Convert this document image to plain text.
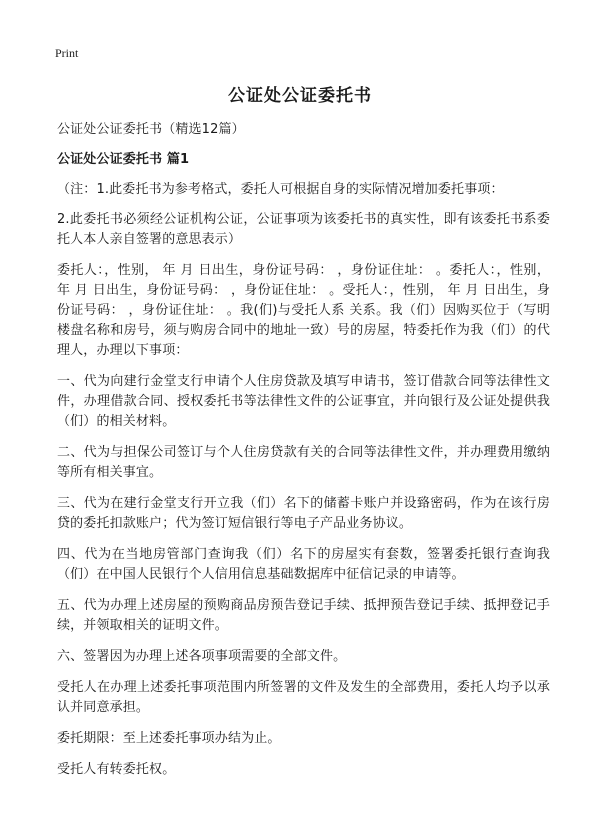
Print
公证处公证委托书

公证处公证委托书（精选12篇）

公证处公证委托书 篇1

（注：1.此委托书为参考格式，委托人可根据自身的实际情况增加委托事项：

2.此委托书必须经公证机构公证，公证事项为该委托书的真实性，即有该委托书系委托人本人亲自签署的意思表示）

委托人：，性别， 年 月 日出生，身份证号码： ，身份证住址： 。委托人：，性别， 年 月 日出生，身份证号码： ，身份证住址： 。受托人：，性别， 年 月 日出生，身份证号码： ，身份证住址： 。我(们)与受托人系 关系。我（们）因购买位于（写明楼盘名称和房号，须与购房合同中的地址一致）号的房屋，特委托作为我（们）的代理人，办理以下事项：

一、代为向建行金堂支行申请个人住房贷款及填写申请书，签订借款合同等法律性文件，办理借款合同、授权委托书等法律性文件的公证事宜，并向银行及公证处提供我（们）的相关材料。

二、代为与担保公司签订与个人住房贷款有关的合同等法律性文件，并办理费用缴纳等所有相关事宜。

三、代为在建行金堂支行开立我（们）名下的储蓄卡账户并设臵密码，作为在该行房贷的委托扣款账户；代为签订短信银行等电子产品业务协议。

四、代为在当地房管部门查询我（们）名下的房屋实有套数，签署委托银行查询我（们）在中国人民银行个人信用信息基础数据库中征信记录的申请等。

五、代为办理上述房屋的预购商品房预告登记手续、抵押预告登记手续、抵押登记手续，并领取相关的证明文件。

六、签署因为办理上述各项事项需要的全部文件。

受托人在办理上述委托事项范围内所签署的文件及发生的全部费用，委托人均予以承认并同意承担。

委托期限：至上述委托事项办结为止。

受托人有转委托权。
